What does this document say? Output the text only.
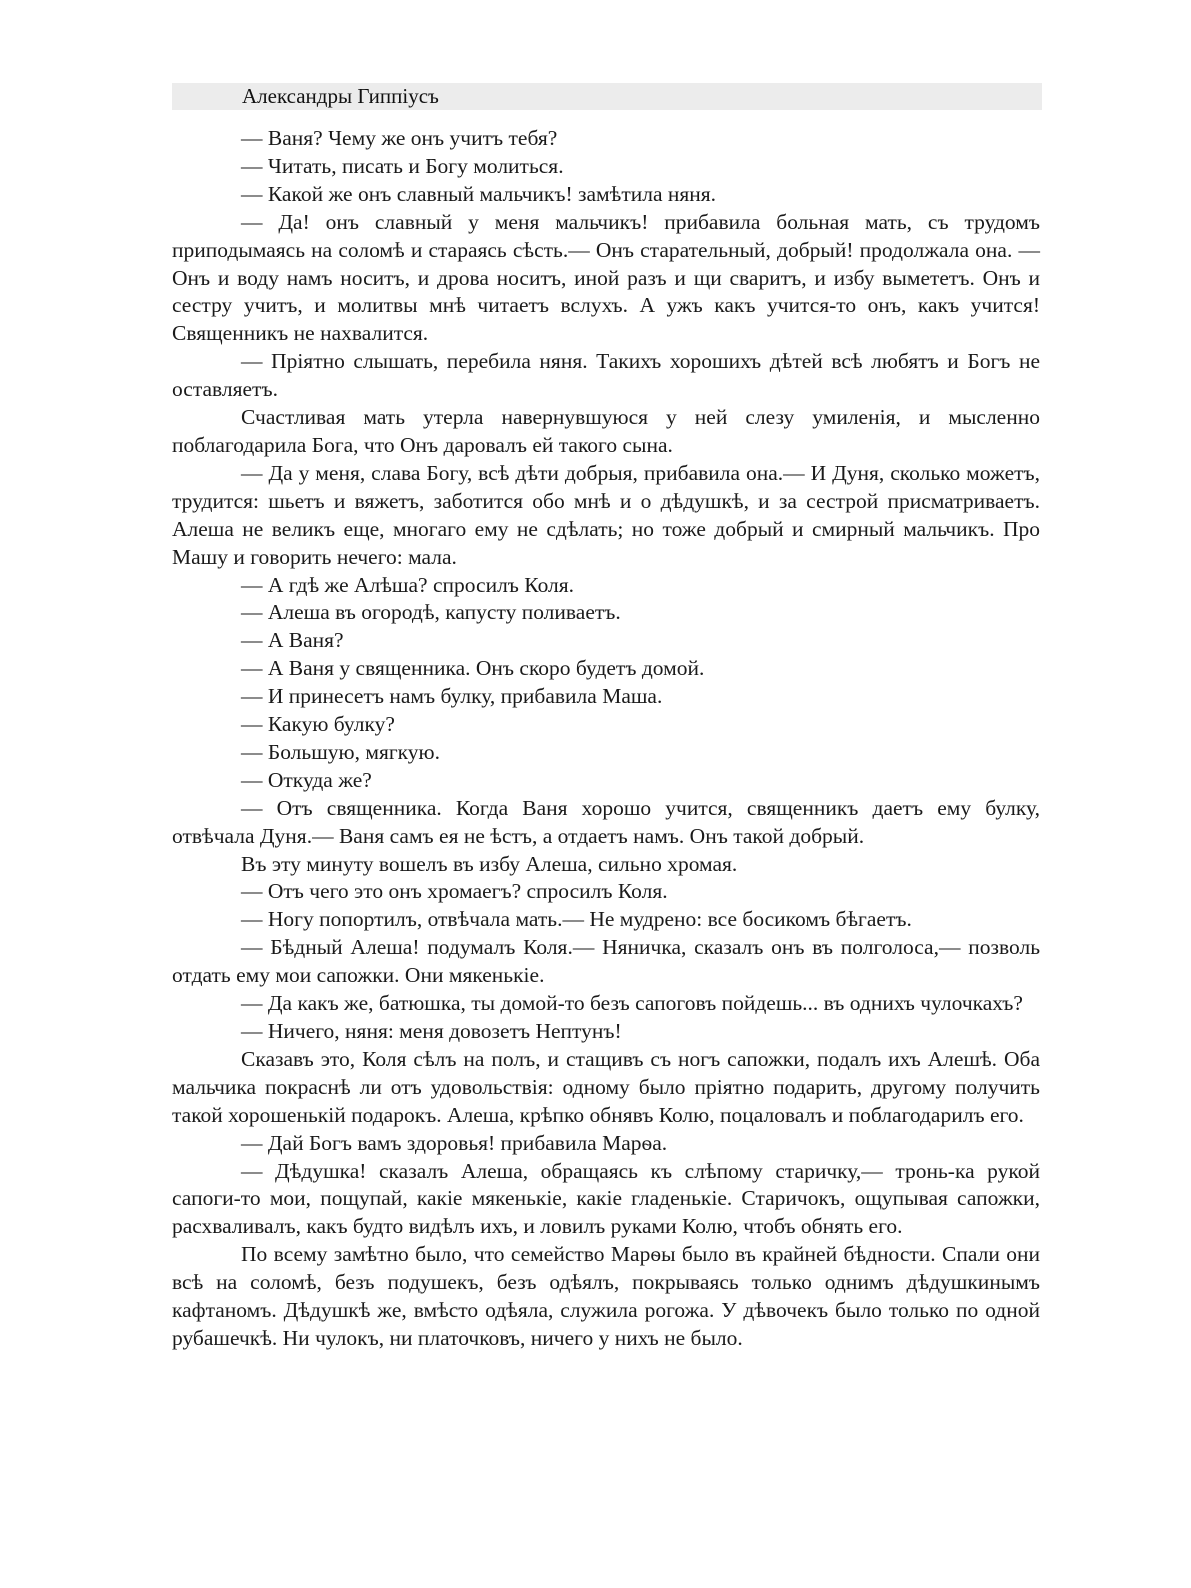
Александры Гиппіусъ

— Ваня? Чему же онъ учитъ тебя?

— Читать, писать и Богу молиться.

— Какой же онъ славный мальчикъ! замѣтила няня.

— Да! онъ славный у меня мальчикъ! прибавила больная мать, съ трудомъ приподымаясь на соломѣ и стараясь сѣсть.— Онъ старательный, добрый! продолжала она. — Онъ и воду намъ носитъ, и дрова носитъ, иной разъ и щи сваритъ, и избу вымететъ. Онъ и сестру учитъ, и молитвы мнѣ читаетъ вслухъ. А ужъ какъ учится-то онъ, какъ учится! Священникъ не нахвалится.

— Пріятно слышать, перебила няня. Такихъ хорошихъ дѣтей всѣ любятъ и Богъ не оставляетъ.

Счастливая мать утерла навернувшуюся у ней слезу умиленія, и мысленно поблагодарила Бога, что Онъ даровалъ ей такого сына.

— Да у меня, слава Богу, всѣ дѣти добрыя, прибавила она.— И Дуня, сколько можетъ, трудится: шьетъ и вяжетъ, заботится обо мнѣ и о дѣдушкѣ, и за сестрой присматриваетъ. Алеша не великъ еще, многаго ему не сдѣлать; но тоже добрый и смирный мальчикъ. Про Машу и говорить нечего: мала.

— А гдѣ же Алѣша? спросилъ Коля.

— Алеша въ огородѣ, капусту поливаетъ.

— А Ваня?

— А Ваня у священника. Онъ скоро будетъ домой.

— И принесетъ намъ булку, прибавила Маша.

— Какую булку?

— Большую, мягкую.

— Откуда же?

— Отъ священника. Когда Ваня хорошо учится, священникъ даетъ ему булку, отвѣчала Дуня.— Ваня самъ ея не ѣстъ, а отдаетъ намъ. Онъ такой добрый.

Въ эту минуту вошелъ въ избу Алеша, сильно хромая.

— Отъ чего это онъ хромаегъ? спросилъ Коля.

— Ногу попортилъ, отвѣчала мать.— Не мудрено: все босикомъ бѣгаетъ.

— Бѣдный Алеша! подумалъ Коля.— Няничка, сказалъ онъ въ полголоса,— позволь отдать ему мои сапожки. Они мякенькіе.

— Да какъ же, батюшка, ты домой-то безъ сапоговъ пойдешь... въ однихъ чулочкахъ?

— Ничего, няня: меня довозетъ Нептунъ!

Сказавъ это, Коля сѣлъ на полъ, и стащивъ съ ногъ сапожки, подалъ ихъ Алешѣ. Оба мальчика покраснѣ ли отъ удовольствія: одному было пріятно подарить, другому получить такой хорошенькій подарокъ. Алеша, крѣпко обнявъ Колю, поцаловалъ и поблагодарилъ его.

— Дай Богъ вамъ здоровья! прибавила Марѳа.

— Дѣдушка! сказалъ Алеша, обращаясь къ слѣпому старичку,— тронь-ка рукой сапоги-то мои, пощупай, какіе мякенькіе, какіе гладенькіе. Старичокъ, ощупывая сапожки, расхваливалъ, какъ будто видѣлъ ихъ, и ловилъ руками Колю, чтобъ обнять его.

По всему замѣтно было, что семейство Марѳы было въ крайней бѣдности. Спали они всѣ на соломѣ, безъ подушекъ, безъ одѣялъ, покрываясь только однимъ дѣдушкинымъ кафтаномъ. Дѣдушкѣ же, вмѣсто одѣяла, служила рогожа. У дѣвочекъ было только по одной рубашечкѣ. Ни чулокъ, ни платочковъ, ничего у нихъ не было.
